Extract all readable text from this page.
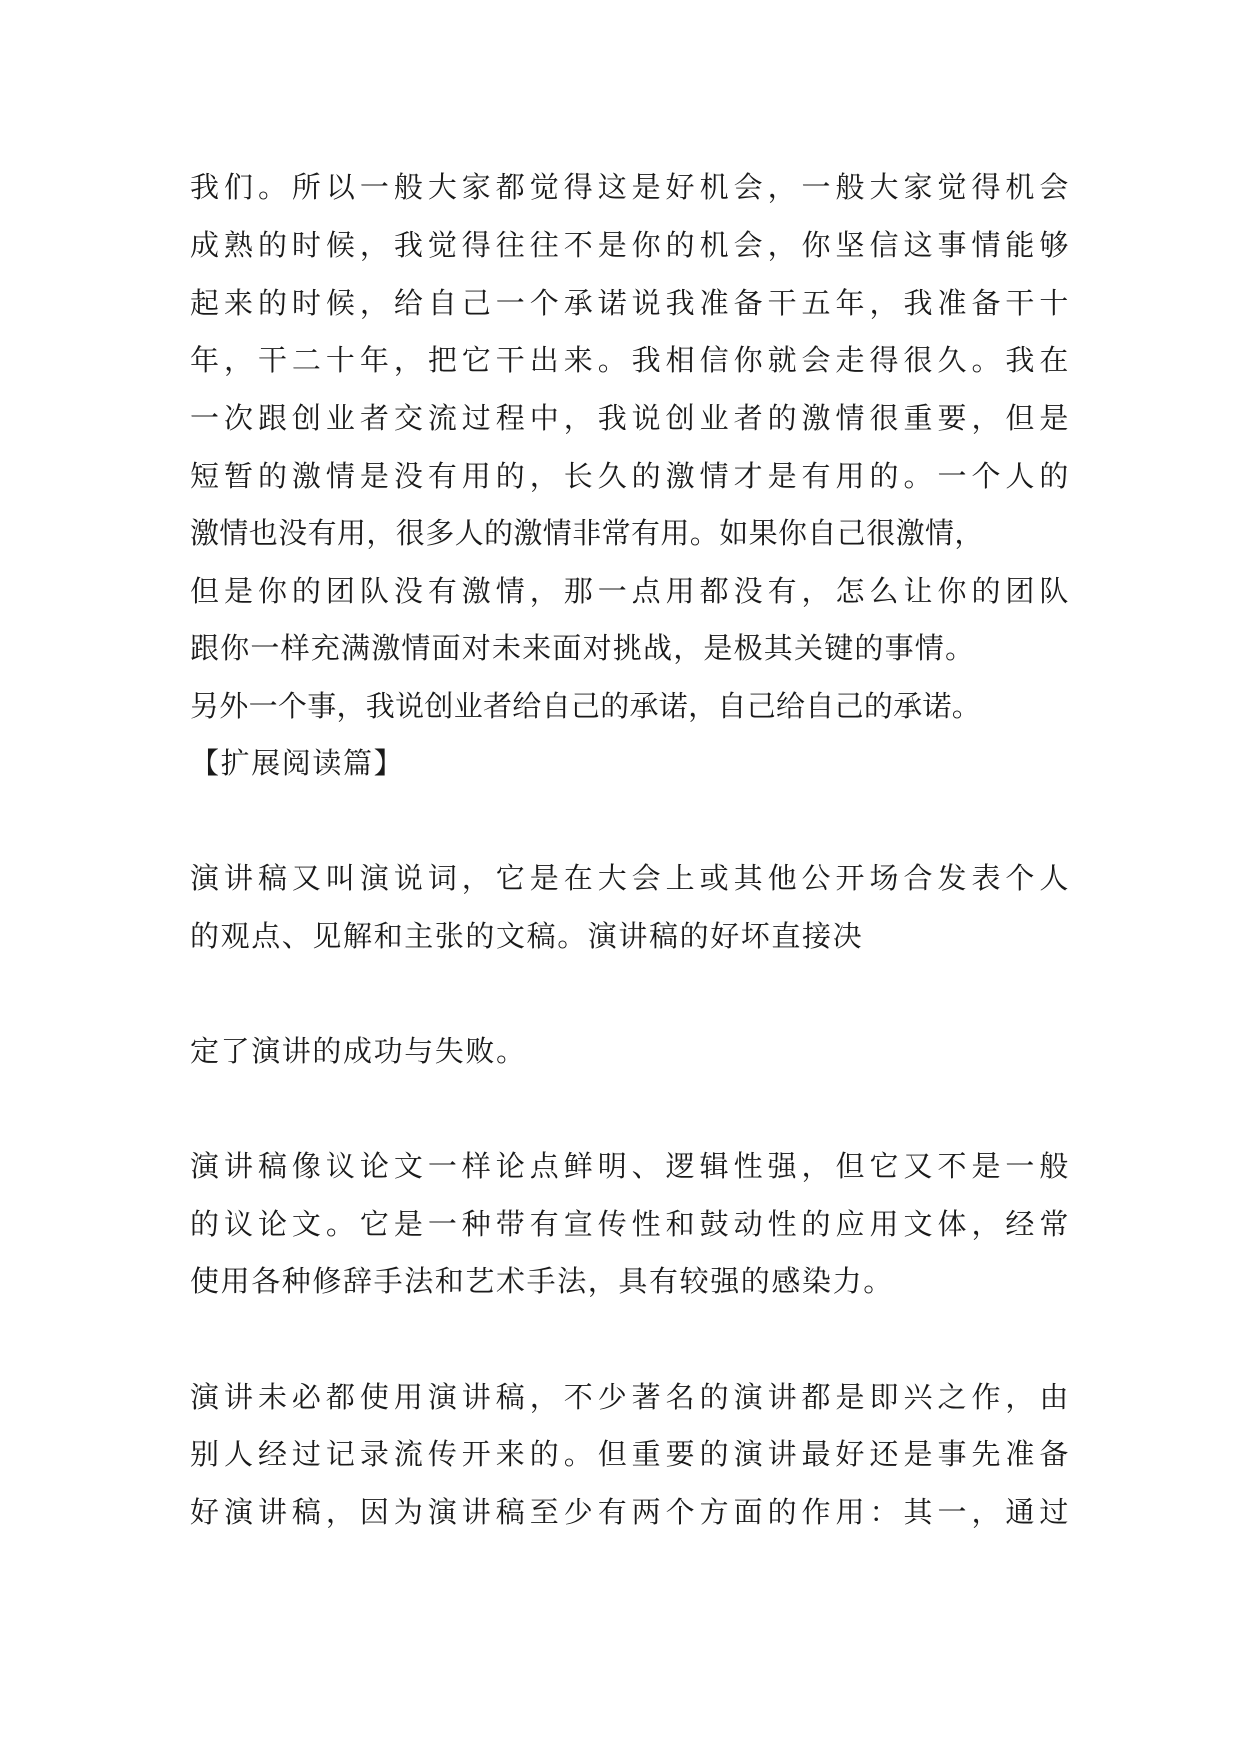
我们。所以一般大家都觉得这是好机会，一般大家觉得机会
成熟的时候，我觉得往往不是你的机会，你坚信这事情能够
起来的时候，给自己一个承诺说我准备干五年，我准备干十
年，干二十年，把它干出来。我相信你就会走得很久。我在
一次跟创业者交流过程中，我说创业者的激情很重要，但是
短暂的激情是没有用的，长久的激情才是有用的。一个人的
激情也没有用，很多人的激情非常有用。如果你自己很激情，
但是你的团队没有激情，那一点用都没有，怎么让你的团队
跟你一样充满激情面对未来面对挑战，是极其关键的事情。
另外一个事，我说创业者给自己的承诺，自己给自己的承诺。
【扩展阅读篇】
演讲稿又叫演说词，它是在大会上或其他公开场合发表个人
的观点、见解和主张的文稿。演讲稿的好坏直接决
定了演讲的成功与失败。
演讲稿像议论文一样论点鲜明、逻辑性强，但它又不是一般
的议论文。它是一种带有宣传性和鼓动性的应用文体，经常
使用各种修辞手法和艺术手法，具有较强的感染力。
演讲未必都使用演讲稿，不少著名的演讲都是即兴之作，由
别人经过记录流传开来的。但重要的演讲最好还是事先准备
好演讲稿，因为演讲稿至少有两个方面的作用：其一，通过
